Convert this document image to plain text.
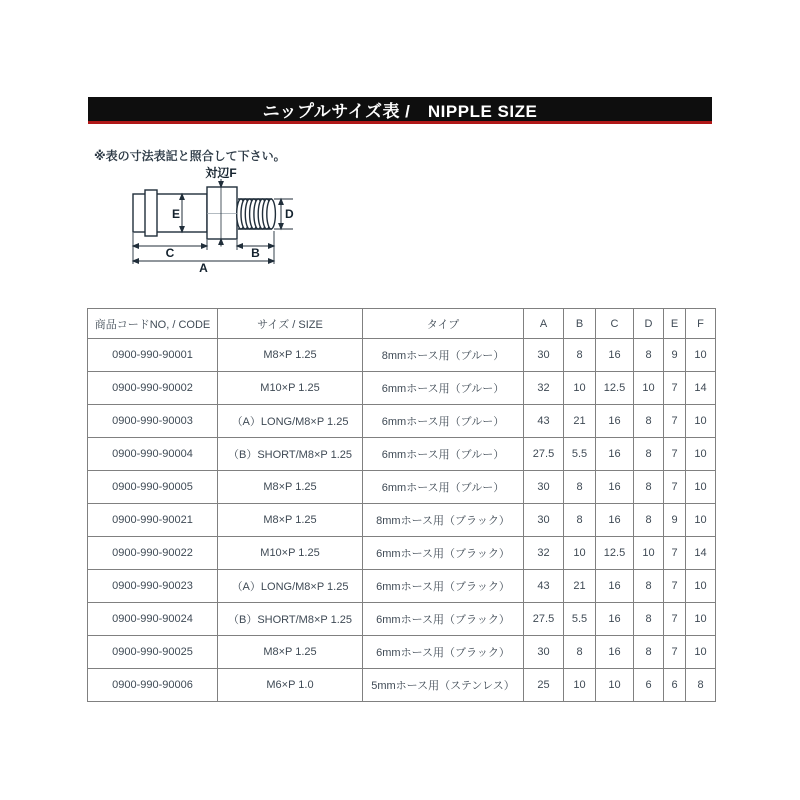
ニップルサイズ表 /　NIPPLE SIZE
※表の寸法表記と照合して下さい。
対辺F
E	D
C	B
A
商品コードNO, / CODE	サイズ / SIZE	タイプ	A	B	C	D	E	F
0900-990-90001	M8×P 1.25	8mmホース用（ブルー）	30	8	16	8	9	10
0900-990-90002	M10×P 1.25	6mmホース用（ブルー）	32	10	12.5	10	7	14
0900-990-90003	（A）LONG/M8×P 1.25	6mmホース用（ブルー）	43	21	16	8	7	10
0900-990-90004	（B）SHORT/M8×P 1.25	6mmホース用（ブルー）	27.5	5.5	16	8	7	10
0900-990-90005	M8×P 1.25	6mmホース用（ブルー）	30	8	16	8	7	10
0900-990-90021	M8×P 1.25	8mmホース用（ブラック）	30	8	16	8	9	10
0900-990-90022	M10×P 1.25	6mmホース用（ブラック）	32	10	12.5	10	7	14
0900-990-90023	（A）LONG/M8×P 1.25	6mmホース用（ブラック）	43	21	16	8	7	10
0900-990-90024	（B）SHORT/M8×P 1.25	6mmホース用（ブラック）	27.5	5.5	16	8	7	10
0900-990-90025	M8×P 1.25	6mmホース用（ブラック）	30	8	16	8	7	10
0900-990-90006	M6×P 1.0	5mmホース用（ステンレス）	25	10	10	6	6	8
